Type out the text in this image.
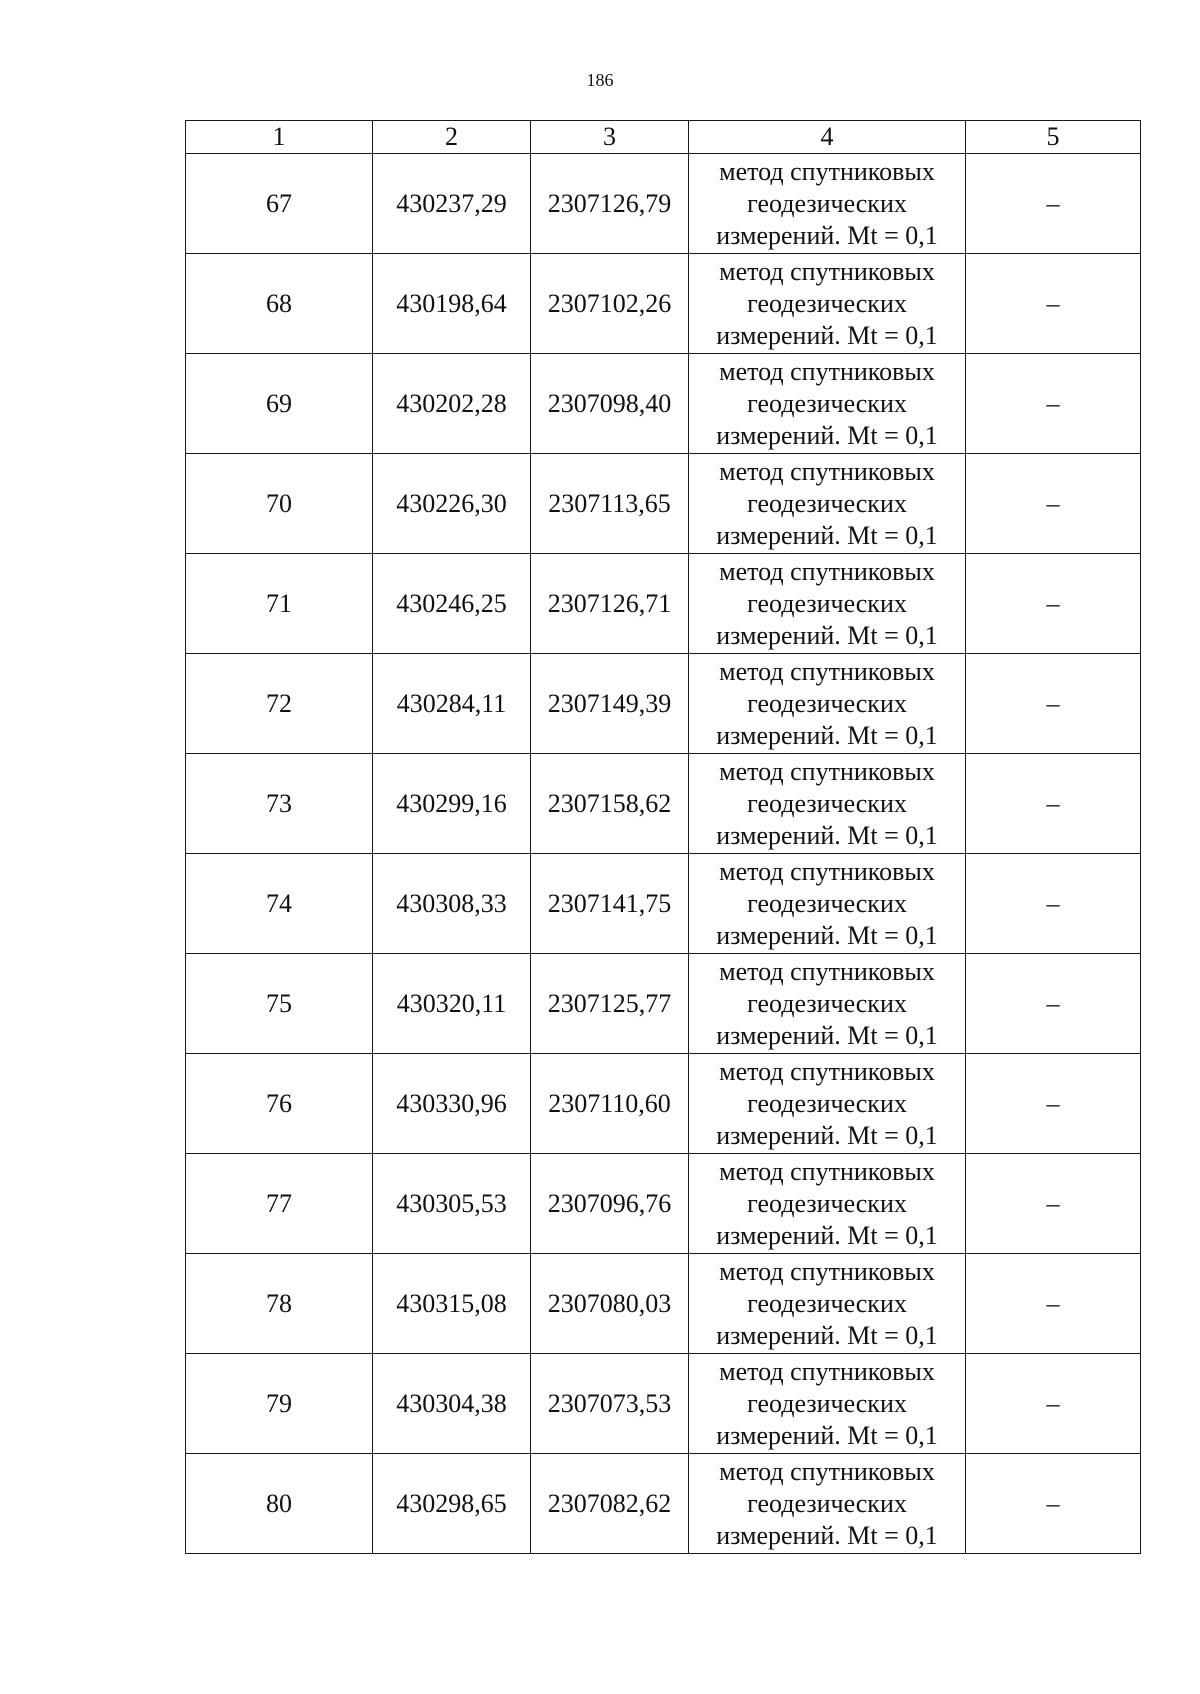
186
1	2	3	4	5
67	430237,29	2307126,79	метод спутниковых
геодезических
измерений. Mt = 0,1	–
68	430198,64	2307102,26	метод спутниковых
геодезических
измерений. Mt = 0,1	–
69	430202,28	2307098,40	метод спутниковых
геодезических
измерений. Mt = 0,1	–
70	430226,30	2307113,65	метод спутниковых
геодезических
измерений. Mt = 0,1	–
71	430246,25	2307126,71	метод спутниковых
геодезических
измерений. Mt = 0,1	–
72	430284,11	2307149,39	метод спутниковых
геодезических
измерений. Mt = 0,1	–
73	430299,16	2307158,62	метод спутниковых
геодезических
измерений. Mt = 0,1	–
74	430308,33	2307141,75	метод спутниковых
геодезических
измерений. Mt = 0,1	–
75	430320,11	2307125,77	метод спутниковых
геодезических
измерений. Mt = 0,1	–
76	430330,96	2307110,60	метод спутниковых
геодезических
измерений. Mt = 0,1	–
77	430305,53	2307096,76	метод спутниковых
геодезических
измерений. Mt = 0,1	–
78	430315,08	2307080,03	метод спутниковых
геодезических
измерений. Mt = 0,1	–
79	430304,38	2307073,53	метод спутниковых
геодезических
измерений. Mt = 0,1	–
80	430298,65	2307082,62	метод спутниковых
геодезических
измерений. Mt = 0,1	–
